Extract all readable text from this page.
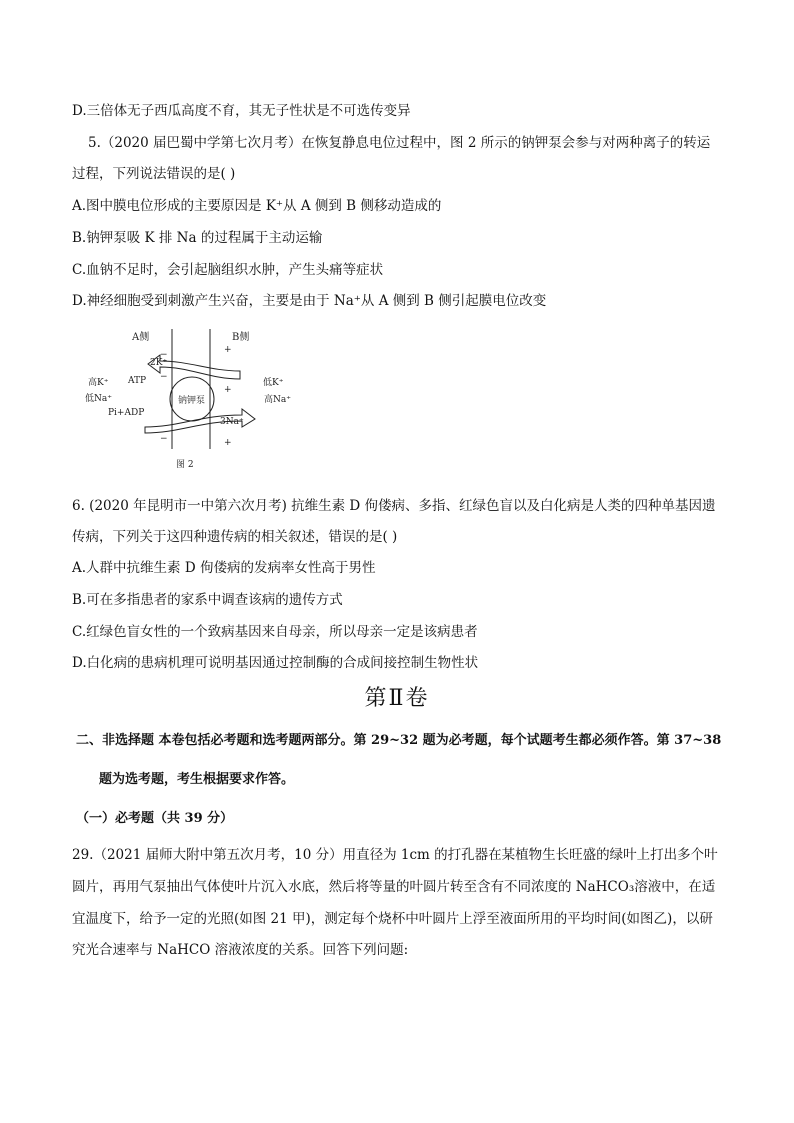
D.三倍体无子西瓜高度不育，其无子性状是不可选传变异
5.（2020 届巴蜀中学第七次月考）在恢复静息电位过程中，图 2 所示的钠钾泵会参与对两种离子的转运
过程，下列说法错误的是( )
A.图中膜电位形成的主要原因是 K⁺从 A 侧到 B 侧移动造成的
B.钠钾泵吸 K 排 Na 的过程属于主动运输
C.血钠不足时，会引起脑组织水肿，产生头痛等症状
D.神经细胞受到刺激产生兴奋，主要是由于 Na⁺从 A 侧到 B 侧引起膜电位改变
A侧	B侧
2K⁺
钠钾泵
3Na⁺
ATP
Pi+ADP
高K⁺
低Na⁺
低K⁺
高Na⁺
−
−
−
+
+
+
图 2
6. (2020 年昆明市一中第六次月考) 抗维生素 D 佝偻病、多指、红绿色盲以及白化病是人类的四种单基因遗
传病，下列关于这四种遗传病的相关叙述，错误的是( )
A.人群中抗维生素 D 佝偻病的发病率女性高于男性
B.可在多指患者的家系中调查该病的遗传方式
C.红绿色盲女性的一个致病基因来自母亲，所以母亲一定是该病患者
D.白化病的患病机理可说明基因通过控制酶的合成间接控制生物性状
第Ⅱ卷
二、非选择题 本卷包括必考题和选考题两部分。第 29~32 题为必考题，每个试题考生都必须作答。第 37~38
题为选考题，考生根据要求作答。
（一）必考题（共 39 分）
29.（2021 届师大附中第五次月考，10 分）用直径为 1cm 的打孔器在某植物生长旺盛的绿叶上打出多个叶
圆片，再用气泵抽出气体使叶片沉入水底，然后将等量的叶圆片转至含有不同浓度的 NaHCO₃溶液中，在适
宜温度下，给予一定的光照(如图 21 甲)，测定每个烧杯中叶圆片上浮至液面所用的平均时间(如图乙)，以研
究光合速率与 NaHCO 溶液浓度的关系。回答下列问题:
